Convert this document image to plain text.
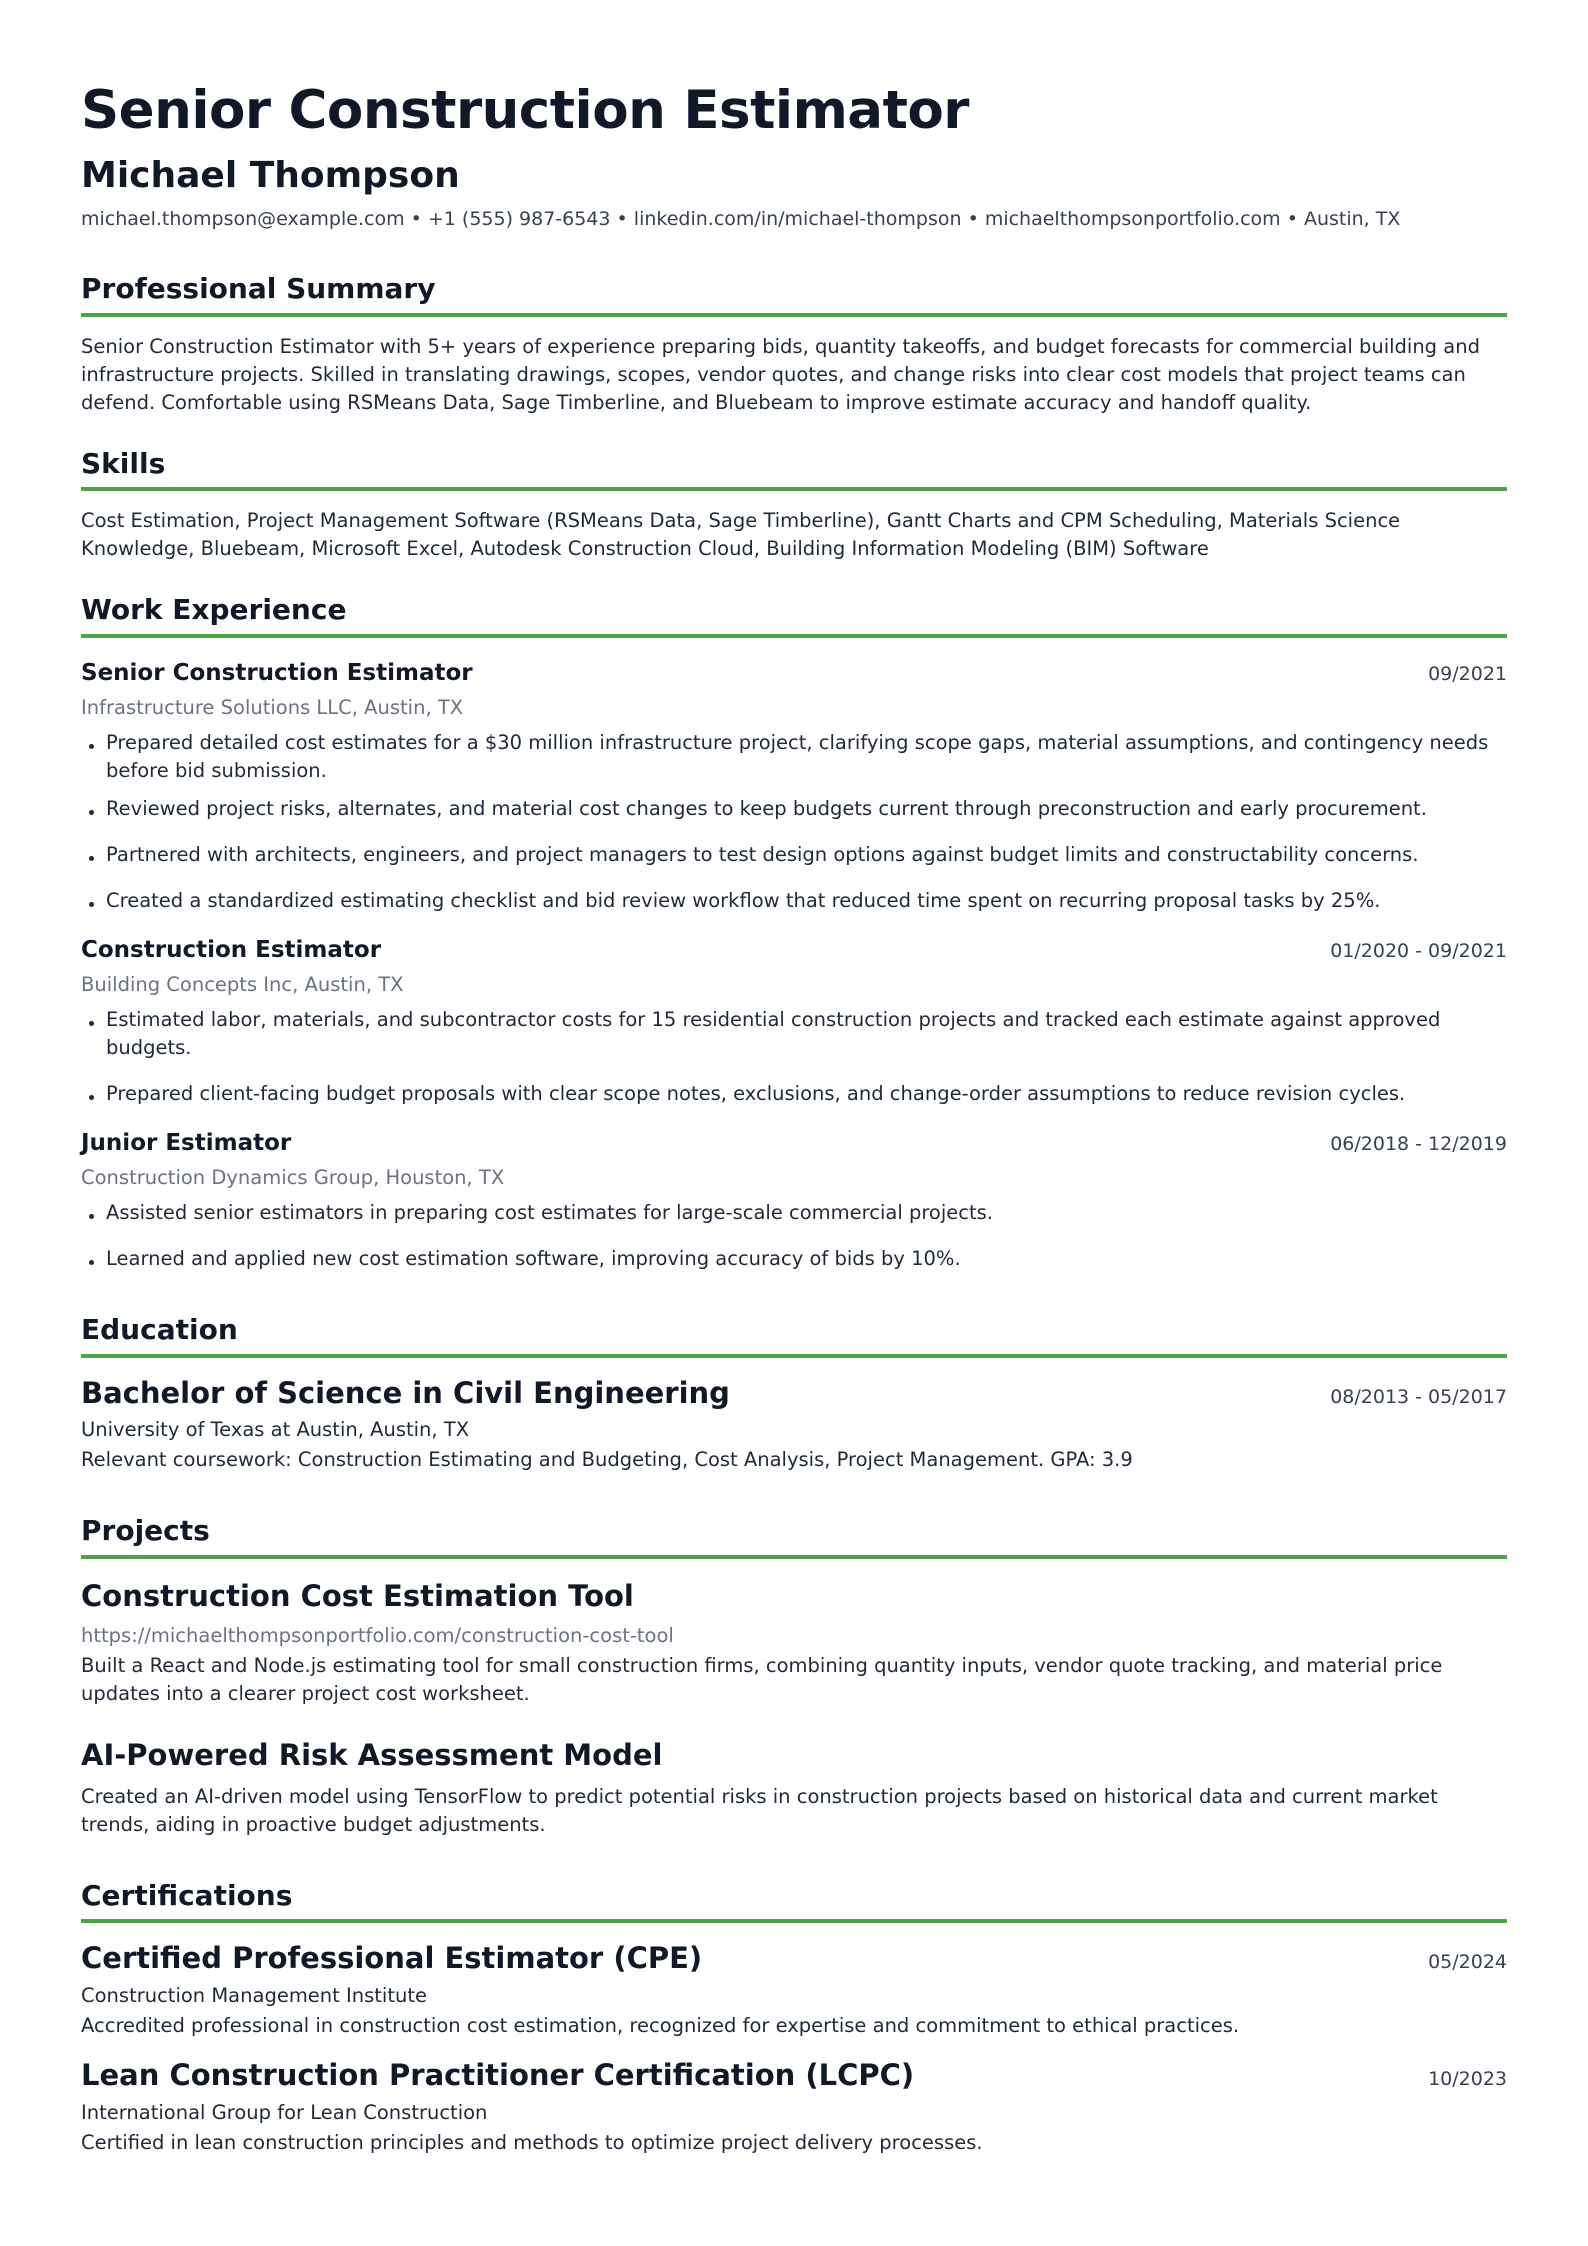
Senior Construction Estimator
Michael Thompson
michael.thompson@example.com • +1 (555) 987-6543 • linkedin.com/in/michael-thompson • michaelthompsonportfolio.com • Austin, TX
Professional Summary

Senior Construction Estimator with 5+ years of experience preparing bids, quantity takeoffs, and budget forecasts for commercial building and infrastructure projects. Skilled in translating drawings, scopes, vendor quotes, and change risks into clear cost models that project teams can defend. Comfortable using RSMeans Data, Sage Timberline, and Bluebeam to improve estimate accuracy and handoff quality.

Skills

Cost Estimation, Project Management Software (RSMeans Data, Sage Timberline), Gantt Charts and CPM Scheduling, Materials Science Knowledge, Bluebeam, Microsoft Excel, Autodesk Construction Cloud, Building Information Modeling (BIM) Software

Work Experience
Senior Construction Estimator	09/2021
Infrastructure Solutions LLC, Austin, TX
Prepared detailed cost estimates for a $30 million infrastructure project, clarifying scope gaps, material assumptions, and contingency needs before bid submission.
Reviewed project risks, alternates, and material cost changes to keep budgets current through preconstruction and early procurement.
Partnered with architects, engineers, and project managers to test design options against budget limits and constructability concerns.
Created a standardized estimating checklist and bid review workflow that reduced time spent on recurring proposal tasks by 25%.
Construction Estimator	01/2020 - 09/2021
Building Concepts Inc, Austin, TX
Estimated labor, materials, and subcontractor costs for 15 residential construction projects and tracked each estimate against approved budgets.
Prepared client-facing budget proposals with clear scope notes, exclusions, and change-order assumptions to reduce revision cycles.
Junior Estimator	06/2018 - 12/2019
Construction Dynamics Group, Houston, TX
Assisted senior estimators in preparing cost estimates for large-scale commercial projects.
Learned and applied new cost estimation software, improving accuracy of bids by 10%.
Education
Bachelor of Science in Civil Engineering	08/2013 - 05/2017
University of Texas at Austin, Austin, TX
Relevant coursework: Construction Estimating and Budgeting, Cost Analysis, Project Management. GPA: 3.9
Projects
Construction Cost Estimation Tool
https://michaelthompsonportfolio.com/construction-cost-tool
Built a React and Node.js estimating tool for small construction firms, combining quantity inputs, vendor quote tracking, and material price updates into a clearer project cost worksheet.
AI-Powered Risk Assessment Model
Created an AI-driven model using TensorFlow to predict potential risks in construction projects based on historical data and current market trends, aiding in proactive budget adjustments.
Certifications
Certified Professional Estimator (CPE)	05/2024
Construction Management Institute
Accredited professional in construction cost estimation, recognized for expertise and commitment to ethical practices.
Lean Construction Practitioner Certification (LCPC)	10/2023
International Group for Lean Construction
Certified in lean construction principles and methods to optimize project delivery processes.
